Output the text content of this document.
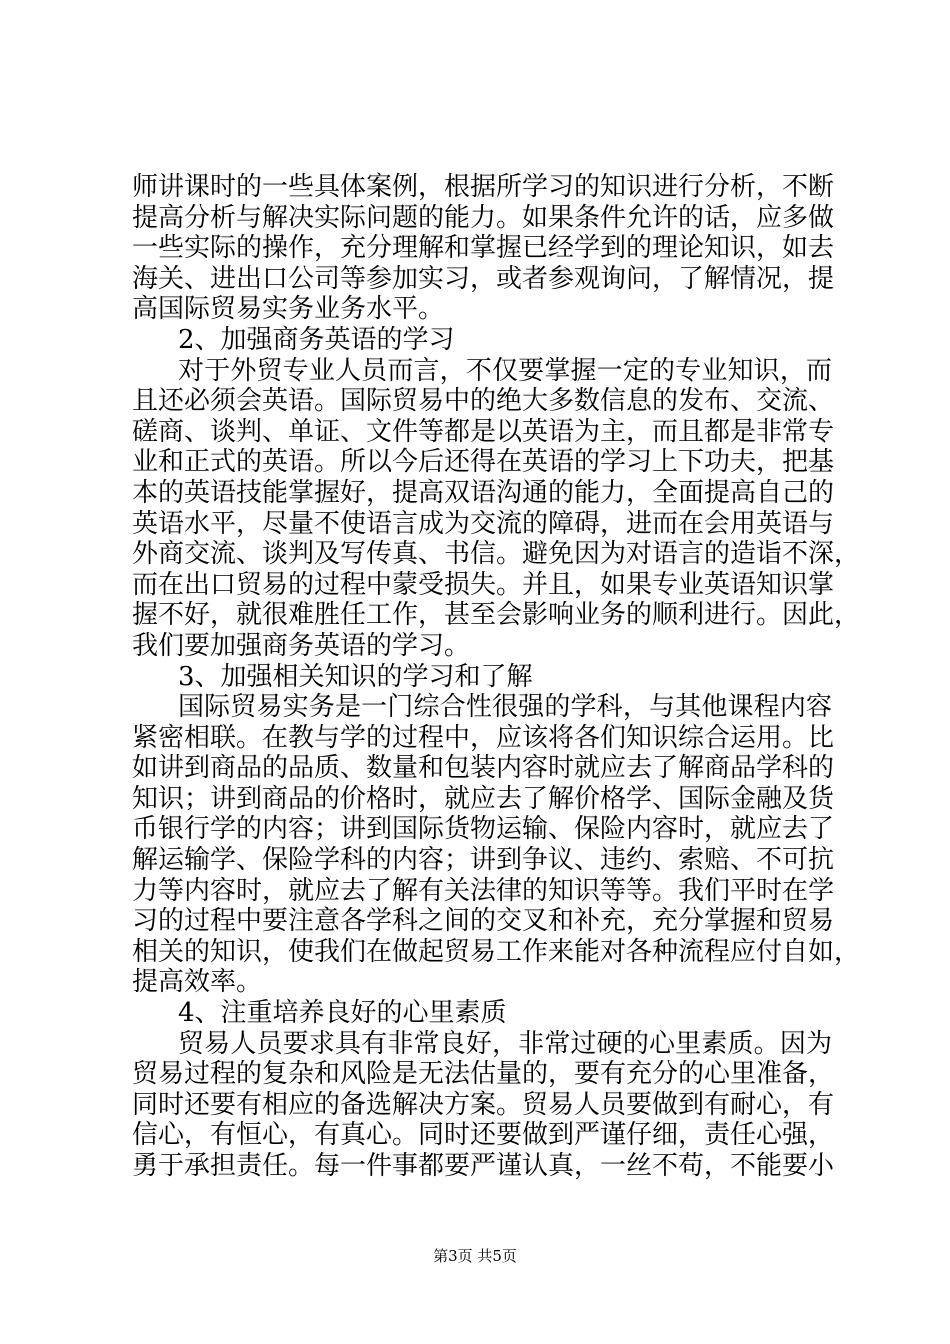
师讲课时的一些具体案例，根据所学习的知识进行分析，不断
提高分析与解决实际问题的能力。如果条件允许的话，应多做
一些实际的操作，充分理解和掌握已经学到的理论知识，如去
海关、进出口公司等参加实习，或者参观询问，了解情况，提
高国际贸易实务业务水平。
2、加强商务英语的学习
对于外贸专业人员而言，不仅要掌握一定的专业知识，而
且还必须会英语。国际贸易中的绝大多数信息的发布、交流、
磋商、谈判、单证、文件等都是以英语为主，而且都是非常专
业和正式的英语。所以今后还得在英语的学习上下功夫，把基
本的英语技能掌握好，提高双语沟通的能力，全面提高自己的
英语水平，尽量不使语言成为交流的障碍，进而在会用英语与
外商交流、谈判及写传真、书信。避免因为对语言的造诣不深，
而在出口贸易的过程中蒙受损失。并且，如果专业英语知识掌
握不好，就很难胜任工作，甚至会影响业务的顺利进行。因此，
我们要加强商务英语的学习。
3、加强相关知识的学习和了解
国际贸易实务是一门综合性很强的学科，与其他课程内容
紧密相联。在教与学的过程中，应该将各们知识综合运用。比
如讲到商品的品质、数量和包装内容时就应去了解商品学科的
知识；讲到商品的价格时，就应去了解价格学、国际金融及货
币银行学的内容；讲到国际货物运输、保险内容时，就应去了
解运输学、保险学科的内容；讲到争议、违约、索赔、不可抗
力等内容时，就应去了解有关法律的知识等等。我们平时在学
习的过程中要注意各学科之间的交叉和补充，充分掌握和贸易
相关的知识，使我们在做起贸易工作来能对各种流程应付自如，
提高效率。
4、注重培养良好的心里素质
贸易人员要求具有非常良好，非常过硬的心里素质。因为
贸易过程的复杂和风险是无法估量的，要有充分的心里准备，
同时还要有相应的备选解决方案。贸易人员要做到有耐心，有
信心，有恒心，有真心。同时还要做到严谨仔细，责任心强，
勇于承担责任。每一件事都要严谨认真，一丝不苟，不能要小
第3页 共5页
